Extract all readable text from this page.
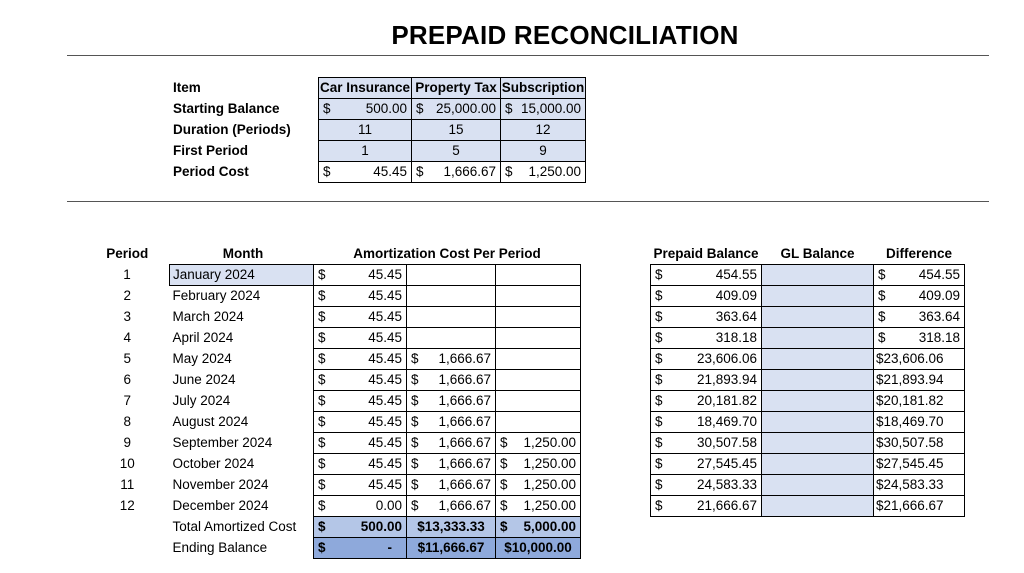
PREPAID RECONCILIATION
Item	Car Insurance	Property Tax	Subscription
Starting Balance	$ 500.00	$ 25,000.00	$ 15,000.00

Duration (Periods)	11	15	12
First Period	1	5	9
Period Cost	$ 45.45	$ 1,666.67	$ 1,250.00
Period	Month	Amortization Cost Per Period		
1	January 2024	$ 45.45		

2	February 2024	$ 45.45		

3	March 2024	$ 45.45		

4	April 2024	$ 45.45		

5	May 2024	$ 45.45	$ 1,666.67	

6	June 2024	$ 45.45	$ 1,666.67	

7	July 2024	$ 45.45	$ 1,666.67	

8	August 2024	$ 45.45	$ 1,666.67	

9	September 2024	$ 45.45	$ 1,666.67	$ 1,250.00

10	October 2024	$ 45.45	$ 1,666.67	$ 1,250.00

11	November 2024	$ 45.45	$ 1,666.67	$ 1,250.00

12	December 2024	$ 0.00	$ 1,666.67	$ 1,250.00

	Total Amortized Cost	$ 500.00	$13,333.33	$ 5,000.00

	Ending Balance	$ -	$11,666.67	$10,000.00
Prepaid Balance	GL Balance	Difference

$ 454.55		$ 454.55

$ 409.09		$ 409.09

$ 363.64		$ 363.64

$ 318.18		$ 318.18

$ 23,606.06		$23,606.06

$ 21,893.94		$21,893.94

$ 20,181.82		$20,181.82

$ 18,469.70		$18,469.70

$ 30,507.58		$30,507.58

$ 27,545.45		$27,545.45

$ 24,583.33		$24,583.33

$ 21,666.67		$21,666.67
